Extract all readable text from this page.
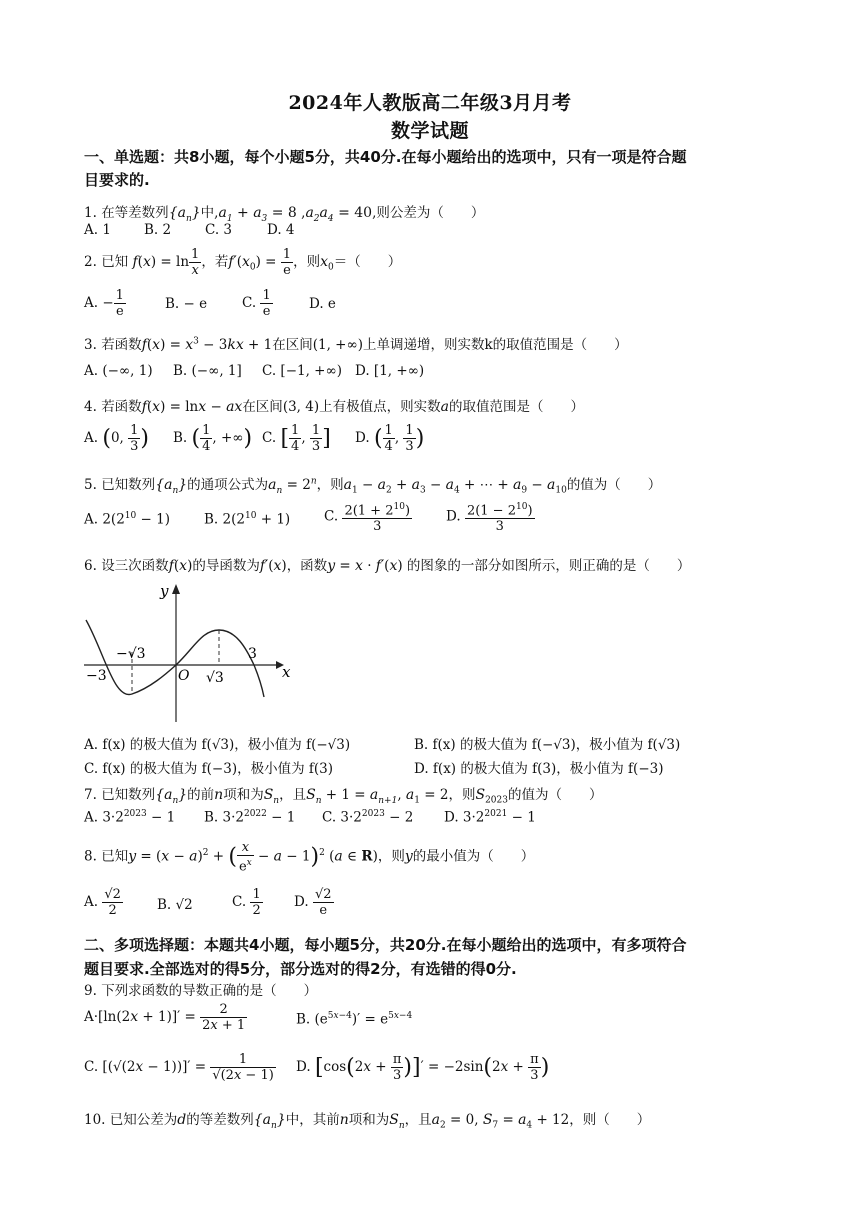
2024年人教版高二年级3月月考
数学试题
一、单选题：共8小题，每个小题5分，共40分.在每小题给出的选项中，只有一项是符合题
目要求的.
1. 在等差数列$\{a_n\}$中$,a_1 + a_3 = 8$ $,a_2a_4 = 40$,则公差为（　　）
A. 1 B. 2	C. 3	D. 4
2. 已知 $f(x) = \ln \frac{1}{x}$ ，若$f'(x_0) = \frac{1}{e}$ ，则$x_0=$（　　）
A. − $\frac{1}{e}$	B. − e	C. $\frac{1}{e}$	D. e
3. 若函数$f(x) = x^3 - 3kx + 1$在区间(1, +∞)上单调递增，则实数k的取值范围是（　　）
A. (−∞, 1) B. (−∞, 1] C. [−1, +∞) D. [1, +∞)
4. 若函数f(x) = lnx − ax在区间(3, 4)上有极值点，则实数a的取值范围是（　　）
A. (0, $\frac{1}{3}$ ) B. ( $\frac{1}{4}$ , +∞) C. [ $\frac{1}{4}$ , $\frac{1}{3}$ ] D. ( $\frac{1}{4}$ , $\frac{1}{3}$ )
5. 已知数列$\{a_n\}$的通项公式为$a_n = 2^n$，则$a_1 - a_2 + a_3 - a_4$ + ⋯ + $a_9 - a_{10}$的值为（　　）
A. $2(2^{10} - 1)$	B. $2(2^{10} + 1)$	C. $\frac{2(1 + 2^{10})}{3}$	D. $\frac{2(1 - 2^{10})}{3}$
6. 设三次函数f(x)的导函数为f′(x)，函数y = x · f′(x) 的图象的一部分如图所示，则正确的是（　　）
y
x
O
−√3
√3
−3
3
A. f(x) 的极大值为 f(√3)，极小值为 f(−√3)	B. f(x) 的极大值为 f(−√3)，极小值为 f(√3)
C. f(x) 的极大值为 f(−3)，极小值为 f(3)	D. f(x) 的极大值为 f(3)，极小值为 f(−3)
7. 已知数列$\{a_n\}$的前n项和为$S_n$，且$S_n + 1 = a_{n+1}$, $a_1 = 2$，则$S_{2023}$的值为（　　）
A. $3\cdot 2^{2023} - 1$ B. $3\cdot 2^{2022} - 1$ C. $3\cdot 2^{2023} - 2$ D. $3\cdot 2^{2021} - 1$
8. 已知$y = (x - a)^2$ + ( $\frac{x}{e^x} - a - 1)^2$ (a ∈ R)，则y的最小值为（　　）
A. $\frac{√2}{2}$	B. √2	C. $\frac{1}{2} D$. $\frac{√2}{e}$
二、多项选择题：本题共4小题，每小题5分，共20分.在每小题给出的选项中，有多项符合
题目要求.全部选对的得5分，部分选对的得2分，有选错的得0分.
9. 下列求函数的导数正确的是（　　）
$A\cdot[\ln(2x + 1)]' = \frac{2}{2x + 1}$	B. $(e^{5x-4})' = e^{5x-4}$
C. $[(√(2x - 1))]' = \frac{1}{√(2x - 1)} D$. [$\cos(2x + \frac{\pi}{3}$ )]′ = $-2\sin(2x + \frac{\pi}{3}$ )
10. 已知公差为d的等差数列$\{a_n\}$中，其前n项和为$S_n$，且$a_2 = 0$, $S_7 = a_4 + 12$，则（　　）
